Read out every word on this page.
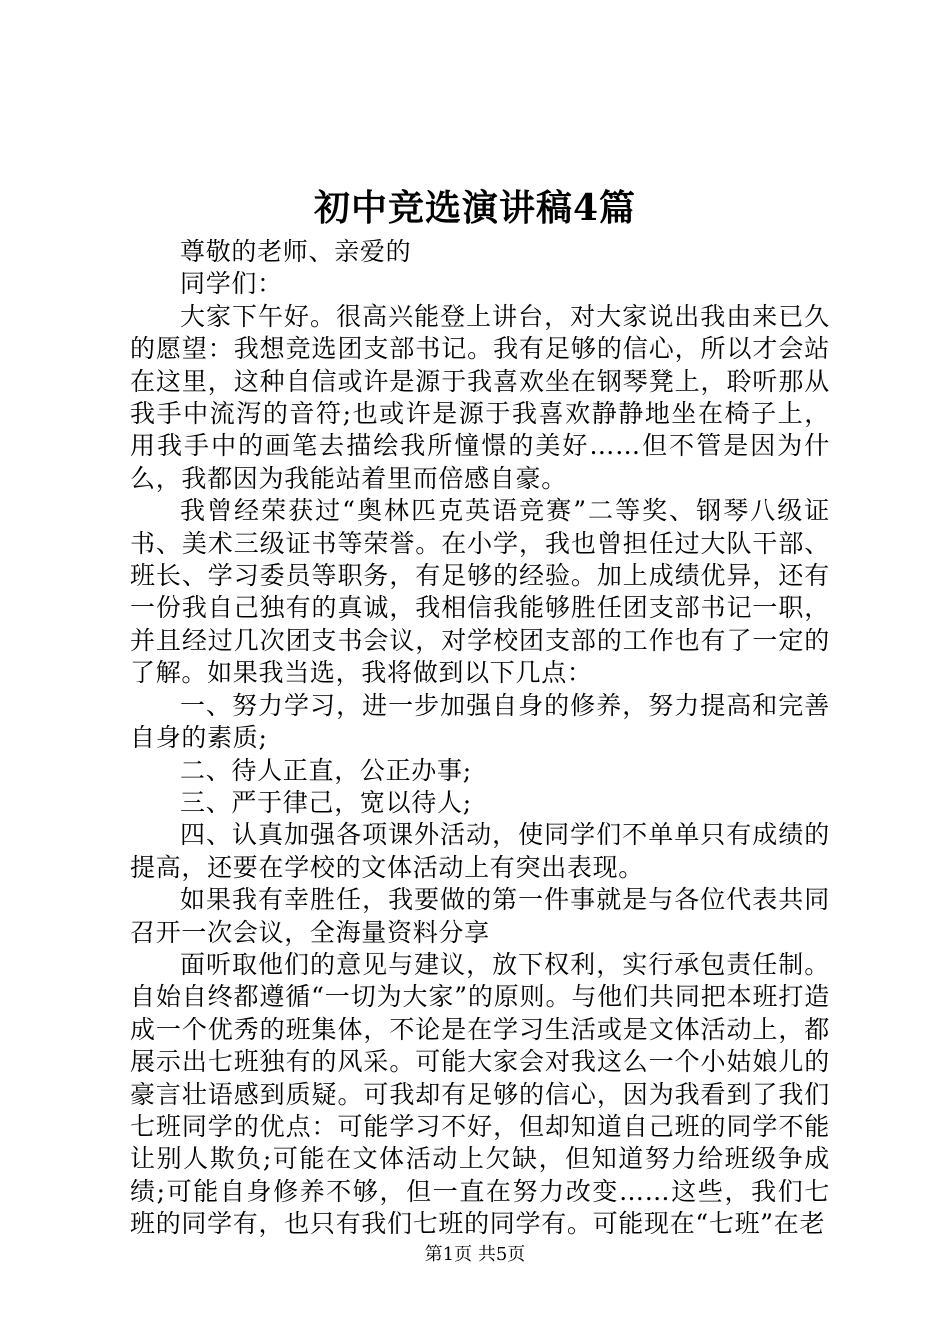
初中竞选演讲稿4篇

尊敬的老师、亲爱的

同学们：

大家下午好。很高兴能登上讲台，对大家说出我由来已久的愿望：我想竞选团支部书记。我有足够的信心，所以才会站在这里，这种自信或许是源于我喜欢坐在钢琴凳上，聆听那从我手中流泻的音符;也或许是源于我喜欢静静地坐在椅子上，用我手中的画笔去描绘我所憧憬的美好……但不管是因为什么，我都因为我能站着里而倍感自豪。

我曾经荣获过“奥林匹克英语竞赛”二等奖、钢琴八级证书、美术三级证书等荣誉。在小学，我也曾担任过大队干部、班长、学习委员等职务，有足够的经验。加上成绩优异，还有一份我自己独有的真诚，我相信我能够胜任团支部书记一职，并且经过几次团支书会议，对学校团支部的工作也有了一定的了解。如果我当选，我将做到以下几点：

一、努力学习，进一步加强自身的修养，努力提高和完善自身的素质;

二、待人正直，公正办事;

三、严于律己，宽以待人;

四、认真加强各项课外活动，使同学们不单单只有成绩的提高，还要在学校的文体活动上有突出表现。

如果我有幸胜任，我要做的第一件事就是与各位代表共同召开一次会议，全海量资料分享

面听取他们的意见与建议，放下权利，实行承包责任制。自始自终都遵循“一切为大家”的原则。与他们共同把本班打造成一个优秀的班集体，不论是在学习生活或是文体活动上，都展示出七班独有的风采。可能大家会对我这么一个小姑娘儿的豪言壮语感到质疑。可我却有足够的信心，因为我看到了我们七班同学的优点：可能学习不好，但却知道自己班的同学不能让别人欺负;可能在文体活动上欠缺，但知道努力给班级争成绩;可能自身修养不够，但一直在努力改变……这些，我们七班的同学有，也只有我们七班的同学有。可能现在“七班”在老

第1页 共5页
